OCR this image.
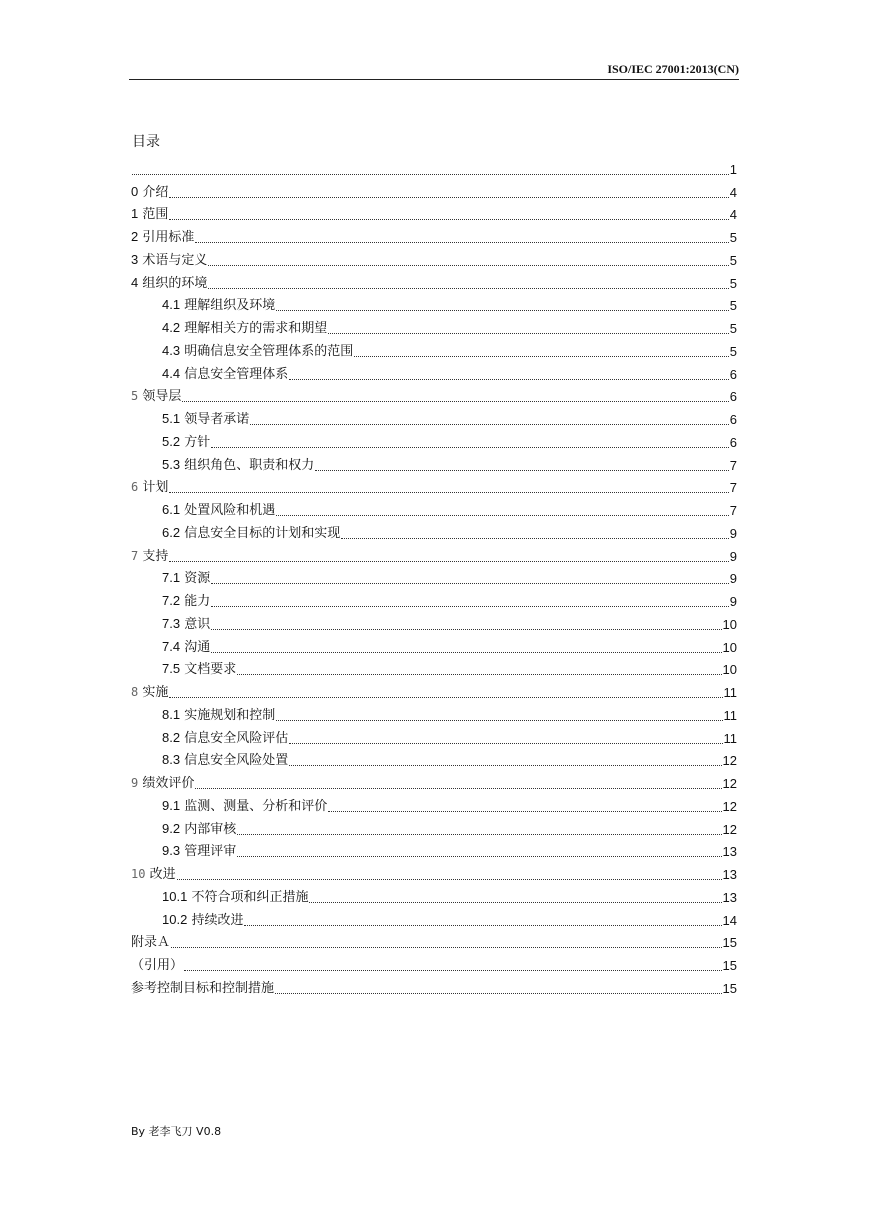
ISO/IEC 27001:2013(CN)
目录
1
0 介绍	4
1 范围	4
2 引用标准	5
3 术语与定义	5
4 组织的环境	5
4.1 理解组织及环境	5
4.2 理解相关方的需求和期望	5
4.3 明确信息安全管理体系的范围	5
4.4 信息安全管理体系	6
5 领导层	6
5.1 领导者承诺	6
5.2 方针	6
5.3 组织角色、职责和权力	7
6 计划	7
6.1 处置风险和机遇	7
6.2 信息安全目标的计划和实现	9
7 支持	9
7.1 资源	9
7.2 能力	9
7.3 意识	10
7.4 沟通	10
7.5 文档要求	10
8 实施	11
8.1 实施规划和控制	11
8.2 信息安全风险评估	11
8.3 信息安全风险处置	12
9 绩效评价	12
9.1 监测、测量、分析和评价	12
9.2 内部审核	12
9.3 管理评审	13
10 改进	13
10.1 不符合项和纠正措施	13
10.2 持续改进	14
附录Ａ	15
（引用）	15
参考控制目标和控制措施	15
By 老李飞刀 V0.8
